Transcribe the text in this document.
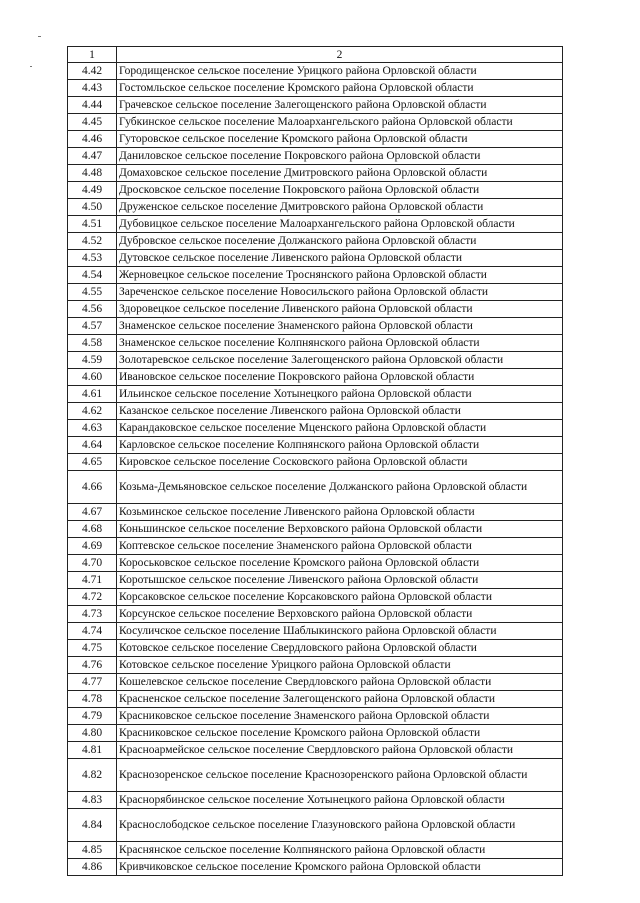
1	2
4.42	Городищенское сельское поселение Урицкого района Орловской области
4.43	Гостомльское сельское поселение Кромского района Орловской области
4.44	Грачевское сельское поселение Залегощенского района Орловской области
4.45	Губкинское сельское поселение Малоархангельского района Орловской области
4.46	Гуторовское сельское поселение Кромского района Орловской области
4.47	Даниловское сельское поселение Покровского района Орловской области
4.48	Домаховское сельское поселение Дмитровского района Орловской области
4.49	Дросковское сельское поселение Покровского района Орловской области
4.50	Друженское сельское поселение Дмитровского района Орловской области
4.51	Дубовицкое сельское поселение Малоархангельского района Орловской области
4.52	Дубровское сельское поселение Должанского района Орловской области
4.53	Дутовское сельское поселение Ливенского района Орловской области
4.54	Жерновецкое сельское поселение Троснянского района Орловской области
4.55	Зареченское сельское поселение Новосильского района Орловской области
4.56	Здоровецкое сельское поселение Ливенского района Орловской области
4.57	Знаменское сельское поселение Знаменского района Орловской области
4.58	Знаменское сельское поселение Колпнянского района Орловской области
4.59	Золотаревское сельское поселение Залегощенского района Орловской области
4.60	Ивановское сельское поселение Покровского района Орловской области
4.61	Ильинское сельское поселение Хотынецкого района Орловской области
4.62	Казанское сельское поселение Ливенского района Орловской области
4.63	Карандаковское сельское поселение Мценского района Орловской области
4.64	Карловское сельское поселение Колпнянского района Орловской области
4.65	Кировское сельское поселение Сосковского района Орловской области
4.66	Козьма-Демьяновское сельское поселение Должанского района Орловской области
4.67	Козьминское сельское поселение Ливенского района Орловской области
4.68	Коньшинское сельское поселение Верховского района Орловской области
4.69	Коптевское сельское поселение Знаменского района Орловской области
4.70	Короськовское сельское поселение Кромского района Орловской области
4.71	Коротышское сельское поселение Ливенского района Орловской области
4.72	Корсаковское сельское поселение Корсаковского района Орловской области
4.73	Корсунское сельское поселение Верховского района Орловской области
4.74	Косуличское сельское поселение Шаблыкинского района Орловской области
4.75	Котовское сельское поселение Свердловского района Орловской области
4.76	Котовское сельское поселение Урицкого района Орловской области
4.77	Кошелевское сельское поселение Свердловского района Орловской области
4.78	Красненское сельское поселение Залегощенского района Орловской области
4.79	Красниковское сельское поселение Знаменского района Орловской области
4.80	Красниковское сельское поселение Кромского района Орловской области
4.81	Красноармейское сельское поселение Свердловского района Орловской области
4.82	Краснозоренское сельское поселение Краснозоренского района Орловской области
4.83	Краснорябинское сельское поселение Хотынецкого района Орловской области
4.84	Краснослободское сельское поселение Глазуновского района Орловской области
4.85	Краснянское сельское поселение Колпнянского района Орловской области
4.86	Кривчиковское сельское поселение Кромского района Орловской области
